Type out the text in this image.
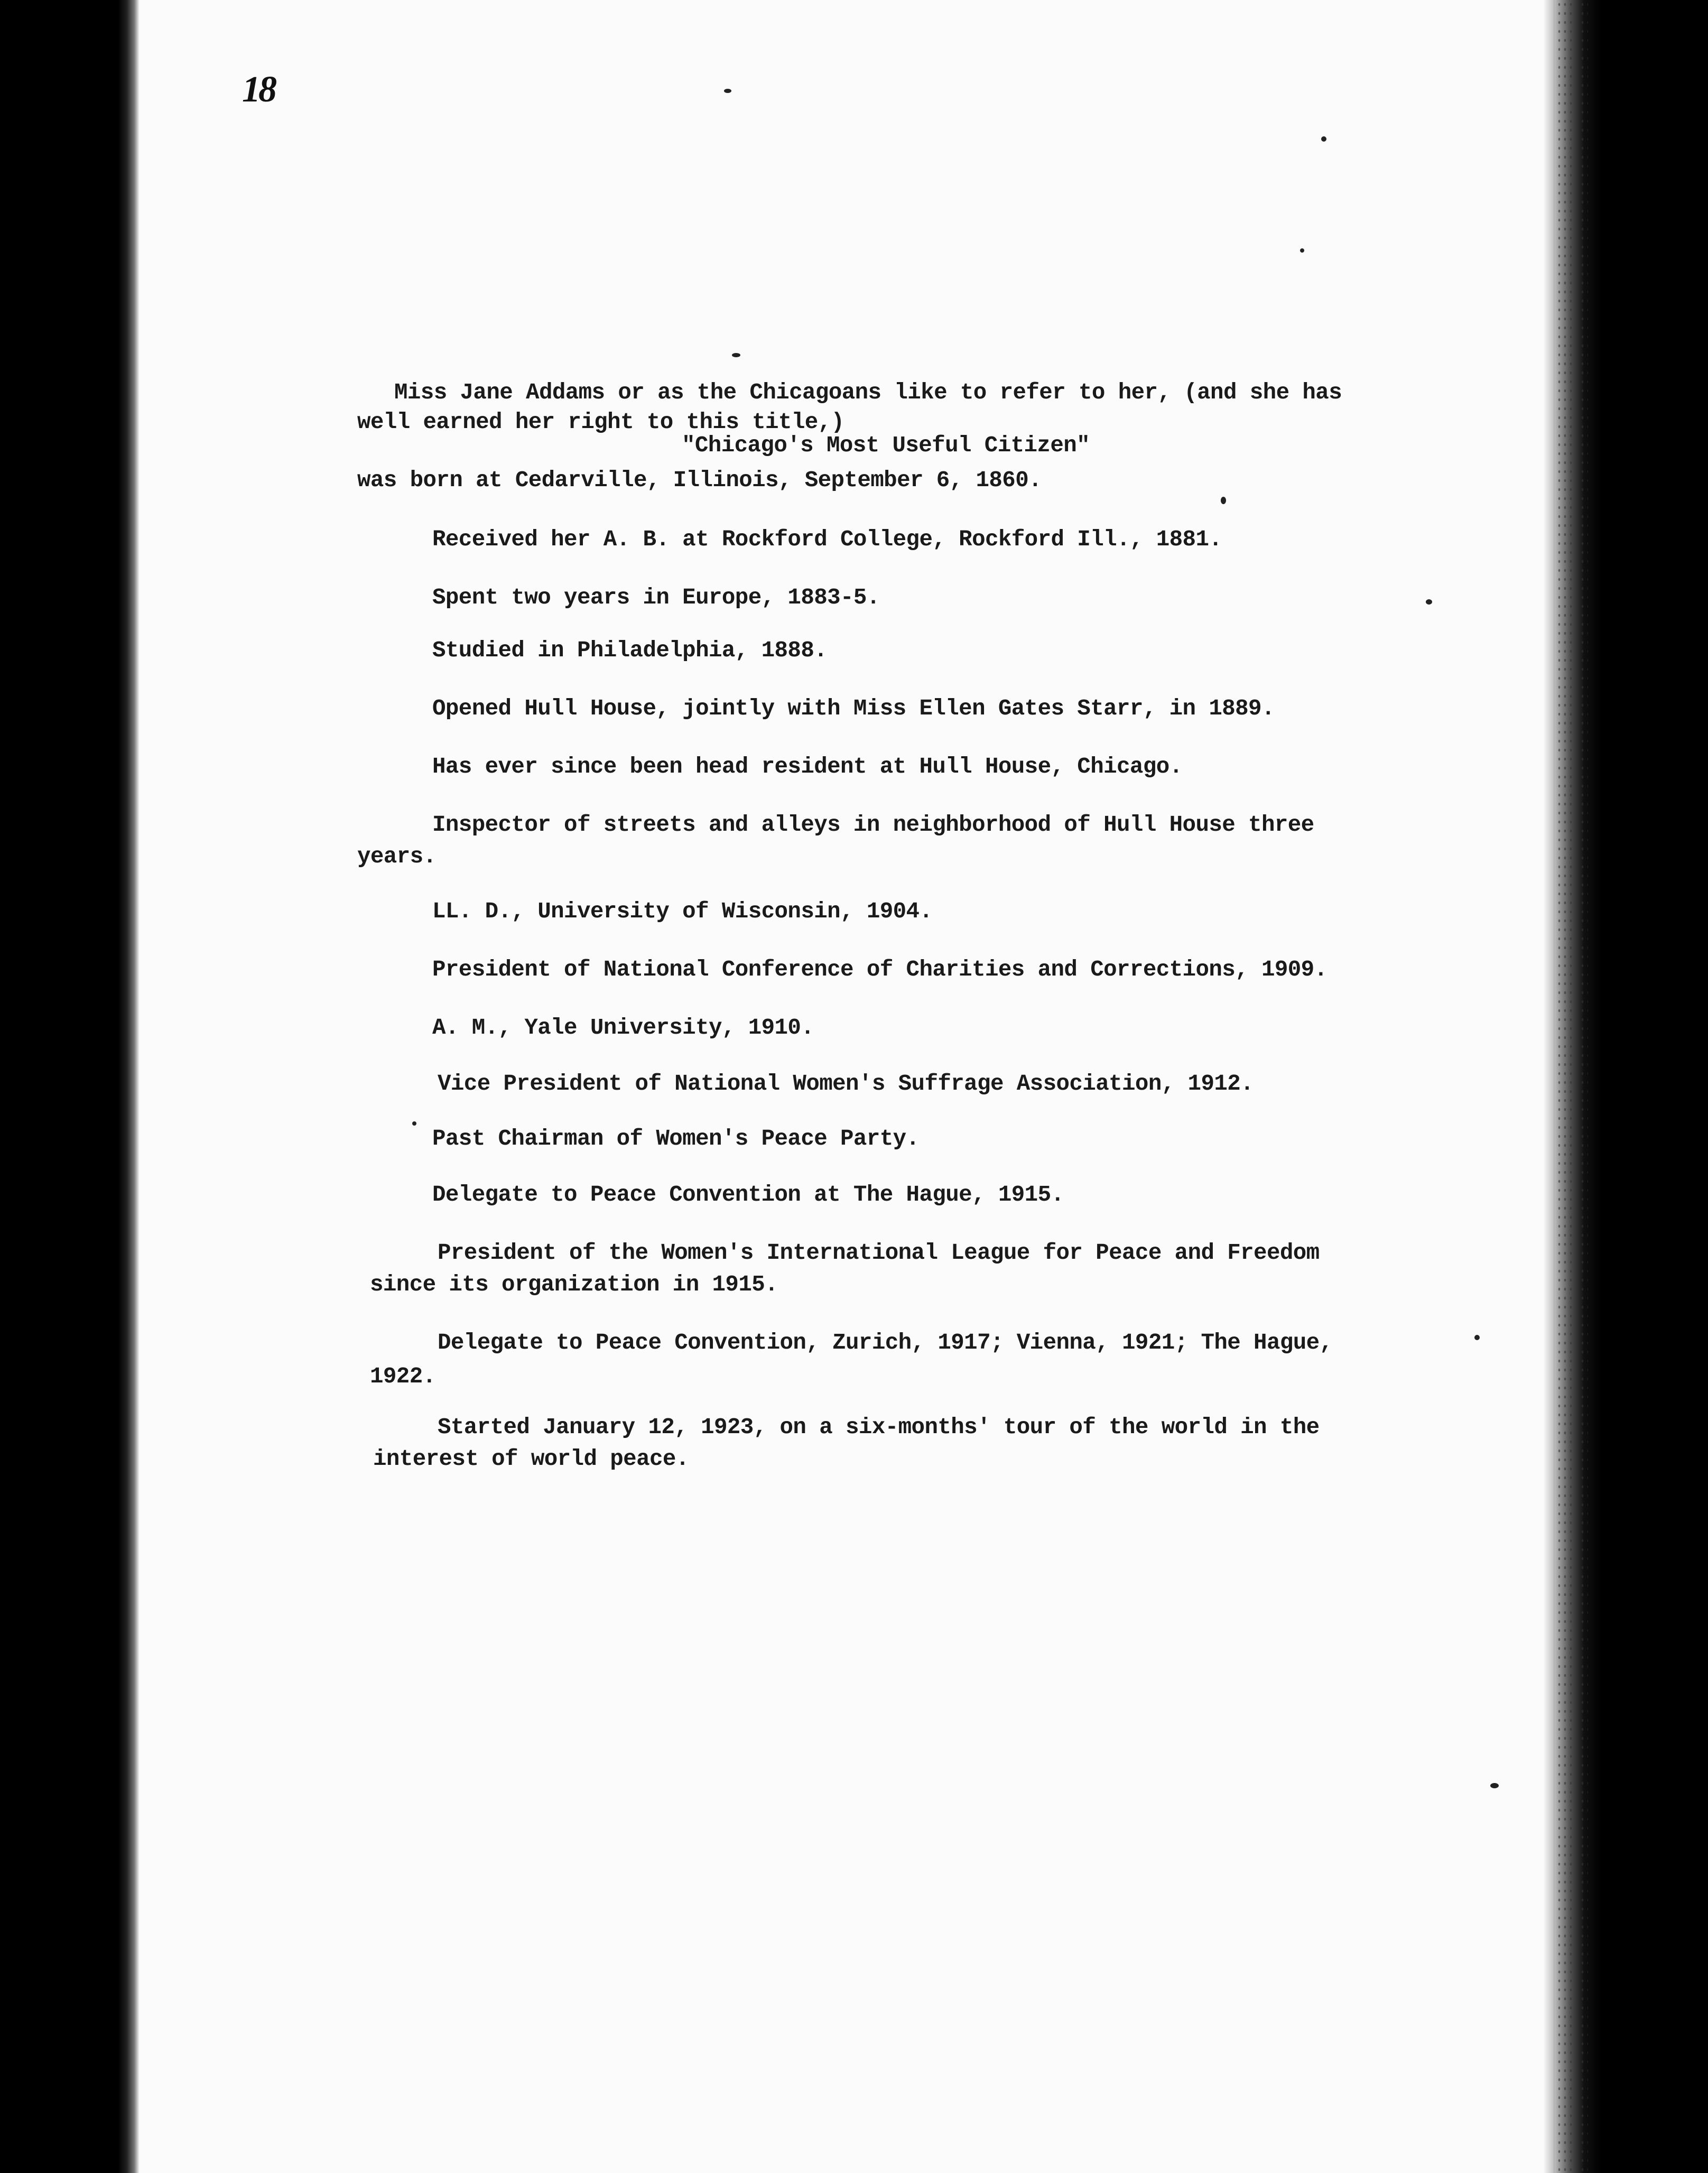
18
Miss Jane Addams or as the Chicagoans like to refer to her, (and she has
well earned her right to this title,)
"Chicago's Most Useful Citizen"
was born at Cedarville, Illinois, September 6, 1860.
Received her A. B. at Rockford College, Rockford Ill., 1881.
Spent two years in Europe, 1883-5.
Studied in Philadelphia, 1888.
Opened Hull House, jointly with Miss Ellen Gates Starr, in 1889.
Has ever since been head resident at Hull House, Chicago.
Inspector of streets and alleys in neighborhood of Hull House three
years.
LL. D., University of Wisconsin, 1904.
President of National Conference of Charities and Corrections, 1909.
A. M., Yale University, 1910.
Vice President of National Women's Suffrage Association, 1912.
Past Chairman of Women's Peace Party.
Delegate to Peace Convention at The Hague, 1915.
President of the Women's International League for Peace and Freedom
since its organization in 1915.
Delegate to Peace Convention, Zurich, 1917; Vienna, 1921; The Hague,
1922.
Started January 12, 1923, on a six-months' tour of the world in the
interest of world peace.
